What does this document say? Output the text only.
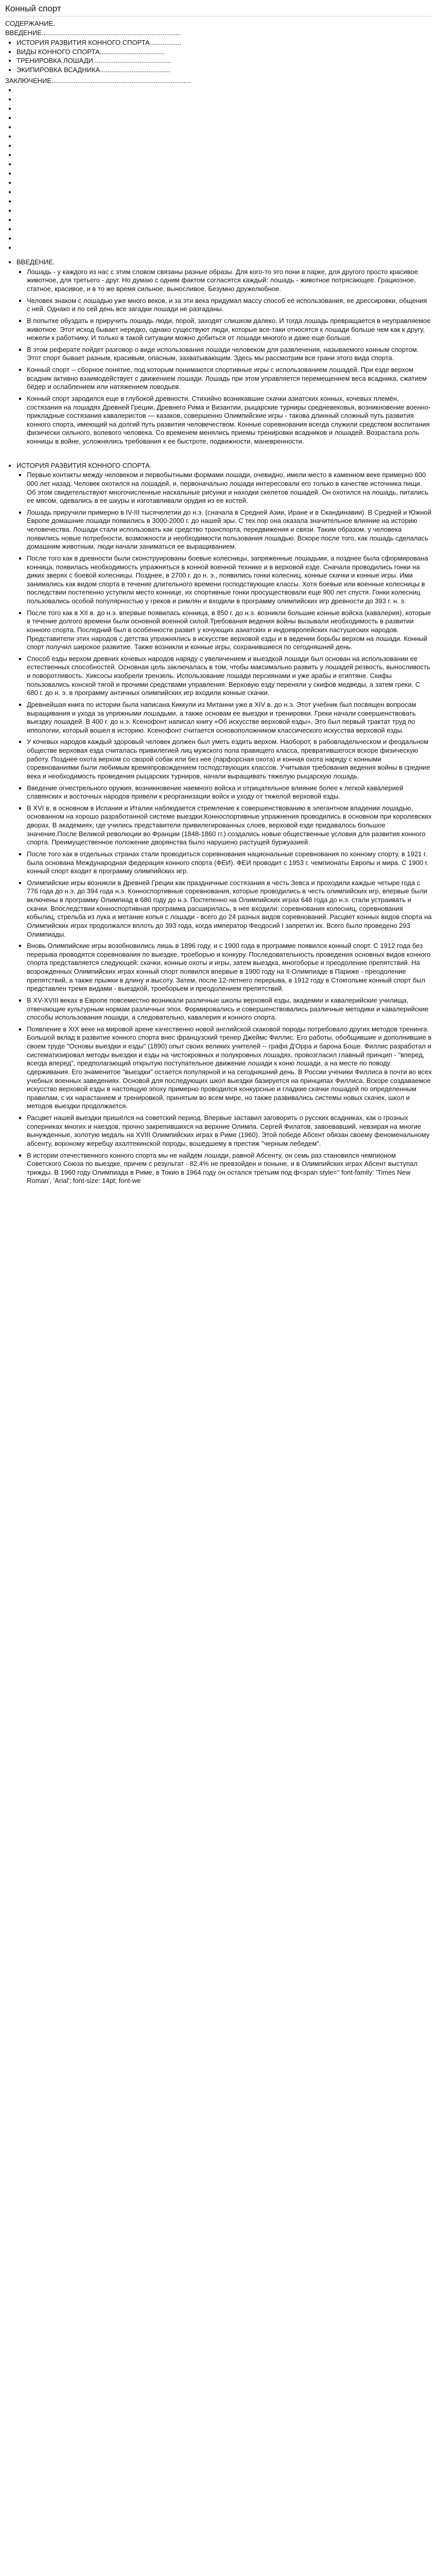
Конный спорт

СОДЕРЖАНИЕ.

ВВЕДЕНИЕ...........................................................................

• ИСТОРИЯ РАЗВИТИЯ КОННОГО СПОРТА.................
• ВИДЫ КОННОГО СПОРТА...................................
• ТРЕНИРОВКА ЛОШАДИ..........................................
• ЭКИПИРОВКА ВСАДНИКА......................................

ЗАКЛЮЧЕНИЕ...........................................................................

•
•
•
•
•
•
•
•
•
•
•
•
•
•
•
•
•
•
• ВВЕДЕНИЕ.
▪ Лошадь - у каждого из нас с этим словом связаны разные образы. Для кого-то это пони в парке, для другого просто красивое животное, для третьего - друг. Но думаю с одним фактом согласятся каждый: лошадь - животное потрясающее. Грациозное, статное, красивое, и в то же время сильное, выносливое. Безумно дружелюбное.
▪ Человек знаком с лошадью уже много веков, и за эти века придумал массу способ её использования, ее дрессировки, общения с ней. Однако и по сей день все загадки лошади не разгаданы.
▪ В попытке обуздать и приручить лошадь люди, порой, заходят слишком далеко. И тогда лошадь превращается в неуправляемое животное. Этот исход бывает нередко, однако существуют люди, которые все-таки относятся к лошади больше чем как к другу, нежели к работнику. И только в такой ситуации можно добиться от лошади многого и даже еще больше.
▪ В этом реферате пойдет разговор о виде использования лошади человеком для развлечения, называемого конным спортом. Этот спорт бывает разным, красивым, опасным, захватывающим. Здесь мы рассмотрим все грани этого вида спорта.
▪ Конный спорт -- сборное понятие, под которым понимаются спортивные игры с использованием лошадей. При езде верхом всадник активно взаимодействует с движением лошади. Лошадь при этом управляется перемещением веса всадника, сжатием бёдер и ослаблением или натяжением поводьев.
▪ Конный спорт зародился еще в глубокой древности. Стихийно возникавшие скачки азиатских конных, кочевых племён, состязания на лошадях Древней Греции, Древнего Рима и Византии, рыцарские турниры средневековья, возникновение военно-прикладные состязания кавалеристов — казаков, совершенно Олимпийские игры - такова длинный сложный путь развития конного спорта, имеющий на долгий путь развития человечеством. Конные соревнования всегда служили средством воспитания физически сильного, волевого человека. Со временем менялись приемы тренировки всадников и лошадей. Возрастала роль конницы в войне, усложнялись требования к ее быстроте, подвижности, маневренности.
• ИСТОРИЯ РАЗВИТИЯ КОННОГО СПОРТА.
▪ Первые контакты между человеком и первобытными формами лошади, очевидно, имели место в каменном веке примерно 600 000 лет назад. Человек охотился на лошадей, и, первоначально лошади интересовали его только в качестве источника пищи. Об этом свидетельствуют многочисленные наскальные рисунки и находки скелетов лошадей. Он охотился на лошадь, питались ее мясом, одевались в ее шкуры и изготавливали орудия из ее костей.
▪ Лошадь приручили примерно в IV-III тысячелетии до н.э. (сначала в Средней Азии, Иране и в Скандинавии). В Средней и Южной Европе домашние лошади появились в 3000-2000 г. до нашей эры. С тех пор она оказала значительное влияние на историю человечества. Лошади стали использовать как средство транспорта, передвижения и связи. Таким образом, у человека появились новые потребности, возможности и необходимости пользования лошадью. Вскоре после того, как лошадь сделалась домашним животным, люди начали заниматься ее выращиванием.
▪ После того как в древности были сконструированы боевые колесницы, запряженные лошадьми, а позднее была сформирована конница, появилась необходимость упражняться в конной военной технике и в верховой езде. Сначала проводились гонки на диких зверях с боевой колесницы. Позднее, в 2700 г. до н. э., появились гонки колесниц, конные скачки и конные игры. Ими занимались как видом спорта в течение длительного времени господствующие классы. Хотя боевые или военные колесницы в последствии постепенно уступили место коннице, их спортивные гонки просуществовали еще 900 лет спустя. Гонки колесниц пользовались особой популярностью у греков и римлян и входили в программу олимпийских игр древности до 393 г. н. э.
▪ После того как в XII в. до н.э. впервые появилась конница, в 850 г. до н.э. возникли большие конные войска (кавалерия), которые в течение долгого времени были основной военной силой.Требования ведения войны вызывали необходимость в развитии конного спорта. Последний был в особенности развит у кочующих азиатских и индоевропейских пастушеских народов. Представители этих народов с детства упражнялись в искусстве верховой езды и в ведении борьбы верхом на лошади. Конный спорт получил широкое развитие. Также возникли и конные игры, сохранившиеся по сегодняшний день.
▪ Способ езды верхом древних кочевых народов наряду с увеличением и выездкой лошади был основан на использовании ее естественных способностей. Основная цель заключалась в том, чтобы максимально развить у лошадей резвость, выносливость и поворотливость. Хиксосы изобрели трензель. Использование лошади персиянами и уже арабы и египтяне. Скифы пользовались конской тягой и прочими средствами управления. Верховую езду переняли у скифов медведы, а затем греки. С 680 г. до н. э. в программу античных олимпийских игр входили конные скачки.
▪ Древнейшая книга по истории была написана Киккули из Митанни уже в XIV в. до н.э. Этот учебник был посвящен вопросам выращивания и ухода за упряжными лошадьми, а также основам ее выездки и тренировки. Греки начали совершенствовать выездку лошадей. В 400 г. до н.э. Ксенофонт написал книгу «Об искусстве верховой езды». Это был первый трактат труд по иппологии, который вошел в историю. Ксенофонт считается основоположником классического искусства верховой езды.
▪ У кочевых народов каждый здоровый человек должен был уметь ездить верхом. Наоборот, в рабовладельческом и феодальном обществе верховая езда считалась привилегией лиц мужского пола правящего класса, превратившегося вскоре физическую работу. Позднее охота верхом со сворой собак или без нее (парфорсная охота) и конная охота наряду с конными соревнованиями были любимым времяпровождением господствующих классов. Учитывая требования ведения войны в средние века и необходимость проведения рыцарских турниров, начали выращивать тяжелую рыцарскую лошадь.
▪ Введение огнестрельного оружия, возникновение наемного войска и отрицательное влияние более к легкой кавалерией славянских и восточных народов привели к реорганизации войск и уходу от тяжелой верховой езды.
▪ В XVI в. в основном в Испании и Италии наблюдается стремление к совершенствованию в элегантном владении лошадью, основанном на хорошо разработанной системе выездки.Конноспортивные упражнения проводились в основном при королевских дворах. В академиях, где учились представители привилегированных слоев, верховой езде придавалось большое значение.После Великой революции во Франции (1848-1860 гг.) создались новые общественные условия для развития конного спорта. Преимущественное положение дворянства было нарушено растущей буржуазией.
▪ После того как в отдельных странах стали проводиться соревнования национальные соревнования по конному спорту, в 1921 г. была основана Международная федерация конного спорта (ФЕИ). ФЕИ проводит с 1953 г. чемпионаты Европы и мира. С 1900 г. конный спорт входит в программу олимпийских игр.
▪ Олимпийские игры возникли в Древней Греции как праздничные состязания в честь Зевса и проходили каждые четыре года с 776 года до н.э. до 394 года н.э. Конноспортивные соревнования, которые проводились в честь олимпийских игр, впервые были включены в программу Олимпиад в 680 году до н.э. Постепенно на Олимпийских играх 648 года до н.э. стали устраивать и скачки. Впоследствии конноспортивная программа расширилась, в нее входили: соревнования колесниц, соревнования кобылиц, стрельба из лука и метание копья с лошади - всего до 24 разных видов соревнований. Расцвет конных видов спорта на Олимпийских играх продолжался вплоть до 393 года, когда император Феодосий I запретил их. Всего было проведено 293 Олимпиады.
▪ Вновь Олимпийские игры возобновились лишь в 1896 году, и с 1900 года в программе появился конный спорт. С 1912 года без перерыва проводятся соревнования по выездке, троеборью и конкуру. Последовательность проведения основных видов конного спорта представляется следующей: скачки, конные охоты и игры, затем выездка, многоборье и преодоление препятствий. На возрожденных Олимпийских играх конный спорт появился впервые в 1900 году на II Олимпиаде в Париже - преодоление препятствий, а также прыжки в длину и высоту. Затем, после 12-летнего перерыва, в 1912 году в Стокгольме конный спорт был представлен тремя видами - выездкой, троеборьем и преодолением препятствий.
▪ В XV-XVIII веках в Европе повсеместно возникали различные школы верховой езды, академии и кавалерийские училища, отвечающие культурным нормам различных эпох. Формировались и совершенствовались различные методики и кавалерийские способы использования лошади, а следовательно, кавалерия и конного спорта.
▪ Появление в XIX веке на мировой арене качественно новой английской скаковой породы потребовало других методов тренинга. Большой вклад в развитие конного спорта внес французский тренер Джеймс Филлис. Его работы, обобщившие и дополнившие в своем труде "Основы выездки и езды" (1890) опыт своих великих учителей -- графа Д'Орра и барона Боше. Филлис разработал и систематизировал методы выездки и езды на чистокровных и полукровных лошадях, провозгласил главный принцип - "вперед, всегда вперед", предполагающий открытую поступательное движение лошади к коню лошади, а на месте по поводу сдерживания. Его знаменитое "выездки" остается популярной и на сегодняшний день. В России ученики Филлиса в почти во всех учебных военных заведениях. Основой для последующих школ выездки базируется на принципах Филлиса. Вскоре создаваемое искусство верховой езды в настоящую эпоху примерно проводился конкурсные и гладкие скачки лошадей по определенным правилам, с их нарастанием и тренировкой, принятым во всем мире, но также развивались системы новых скачек, школ и методов выездки продолжается.
▪ Расцвет нашей выездки пришёлся на советский период. Впервые заставил заговорить о русских всадниках, как о грозных соперниках многих и наездов, прочно закрепившихся на верхние Олимпа. Сергей Филатов, завоевавший, невзирая на многие вынужденные, золотую медаль на XVIII Олимпийских играх в Риме (1960). Этой победе Абсент обязан своему феноменальному абсенту, вороному жеребцу ахалтекинской породы, вошедшему в престиж "черным лебедем".
▪ В истории отечественного конного спорта мы не найдем лошади, равной Абсенту, он семь раз становился чемпионом Советского Союза по выездке, причем с результат - 82,4% не превзойден и поныне, и в Олимпийских играх Абсент выступал трижды. В 1960 году Олимпиада в Риме, в Токио в 1964 году он остался третьим под ф<span style=" font-family: 'Times New Roman', 'Arial'; font-size: 14pt; font-we
